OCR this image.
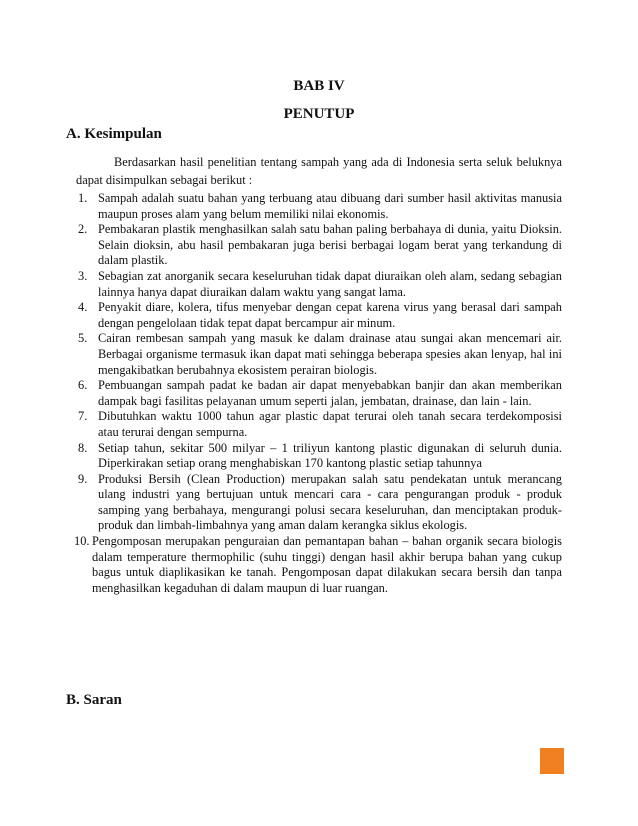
BAB IV
PENUTUP
A. Kesimpulan
Berdasarkan hasil penelitian tentang sampah yang ada di Indonesia serta seluk beluknya dapat disimpulkan sebagai berikut :
1. Sampah adalah suatu bahan yang terbuang atau dibuang dari sumber hasil aktivitas manusia maupun proses alam yang belum memiliki nilai ekonomis.
2. Pembakaran plastik menghasilkan salah satu bahan paling berbahaya di dunia, yaitu Dioksin. Selain dioksin, abu hasil pembakaran juga berisi berbagai logam berat yang terkandung di dalam plastik.
3. Sebagian zat anorganik secara keseluruhan tidak dapat diuraikan oleh alam, sedang sebagian lainnya hanya dapat diuraikan dalam waktu yang sangat lama.
4. Penyakit diare, kolera, tifus menyebar dengan cepat karena virus yang berasal dari sampah dengan pengelolaan tidak tepat dapat bercampur air minum.
5. Cairan rembesan sampah yang masuk ke dalam drainase atau sungai akan mencemari air. Berbagai organisme termasuk ikan dapat mati sehingga beberapa spesies akan lenyap, hal ini mengakibatkan berubahnya ekosistem perairan biologis.
6. Pembuangan sampah padat ke badan air dapat menyebabkan banjir dan akan memberikan dampak bagi fasilitas pelayanan umum seperti jalan, jembatan, drainase, dan lain - lain.
7. Dibutuhkan waktu 1000 tahun agar plastic dapat terurai oleh tanah secara terdekomposisi atau terurai dengan sempurna.
8. Setiap tahun, sekitar 500 milyar – 1 triliyun kantong plastic digunakan di seluruh dunia. Diperkirakan setiap orang menghabiskan 170 kantong plastic setiap tahunnya
9. Produksi Bersih (Clean Production) merupakan salah satu pendekatan untuk merancang ulang industri yang bertujuan untuk mencari cara - cara pengurangan produk - produk samping yang berbahaya, mengurangi polusi secara keseluruhan, dan menciptakan produk-produk dan limbah-limbahnya yang aman dalam kerangka siklus ekologis.
10. Pengomposan merupakan penguraian dan pemantapan bahan – bahan organik secara biologis dalam temperature thermophilic (suhu tinggi) dengan hasil akhir berupa bahan yang cukup bagus untuk diaplikasikan ke tanah. Pengomposan dapat dilakukan secara bersih dan tanpa menghasilkan kegaduhan di dalam maupun di luar ruangan.
B. Saran
